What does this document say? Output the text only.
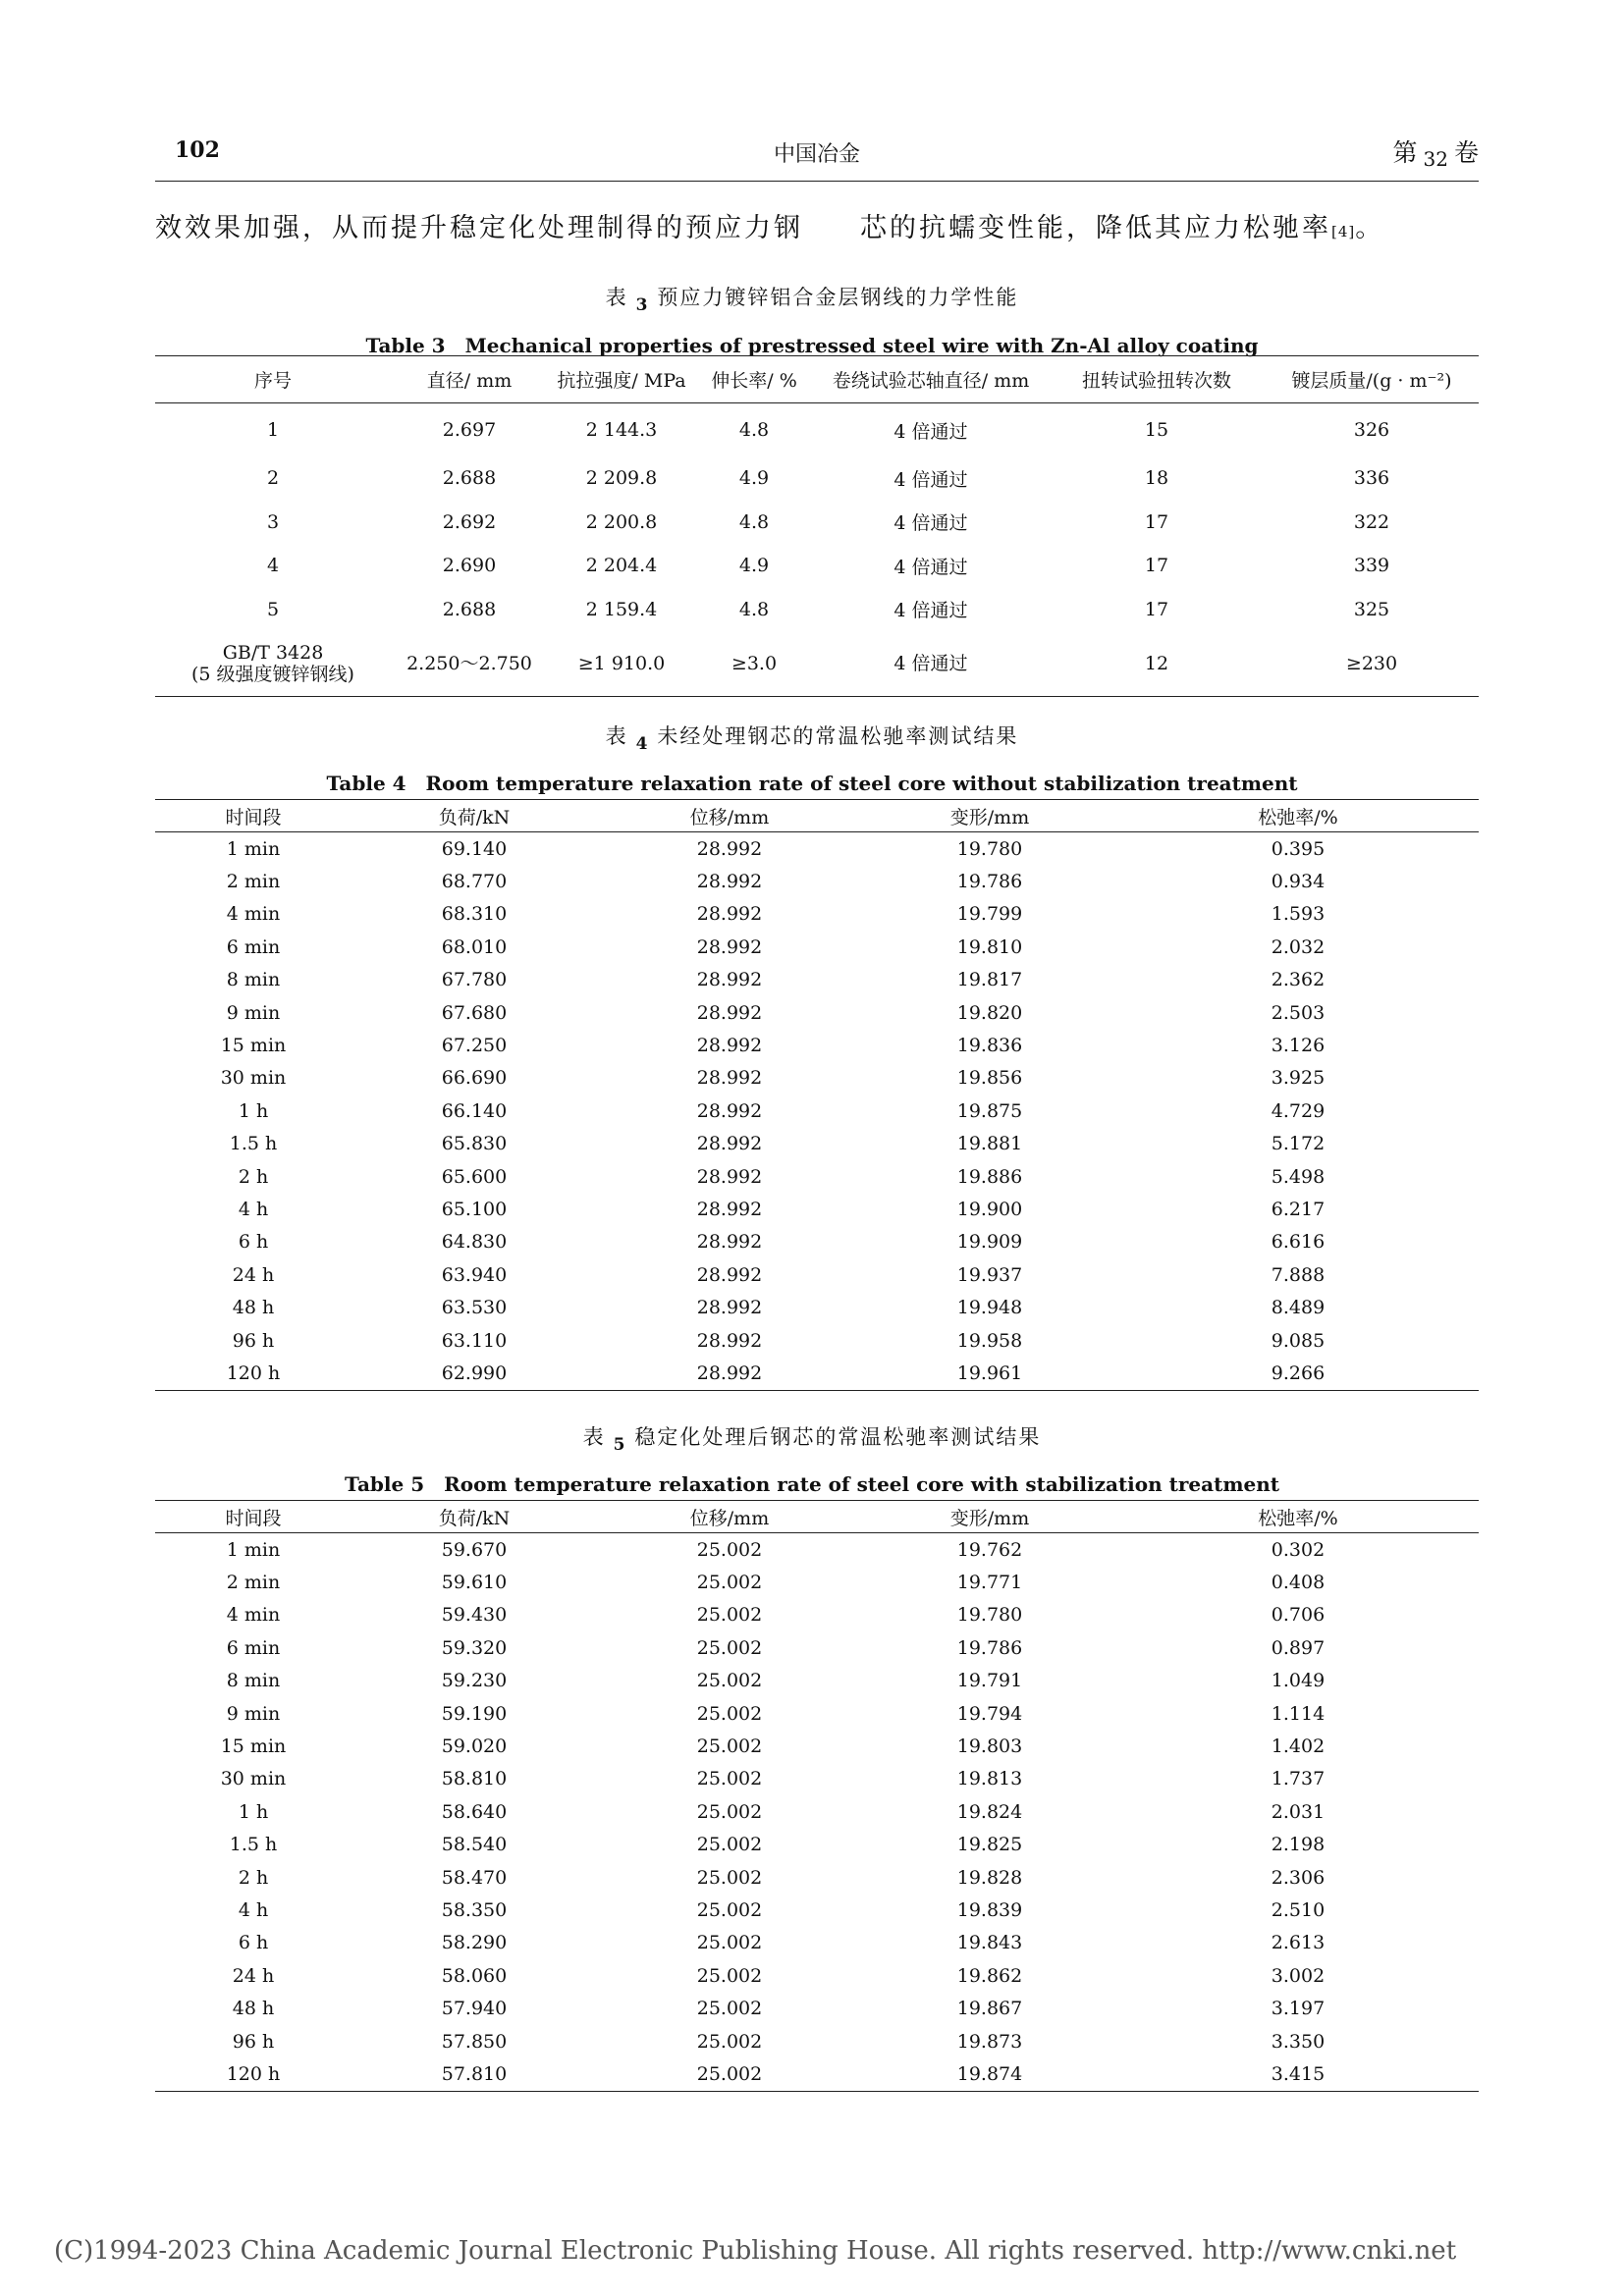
102	中国冶金	第 $_{32}$ 卷
效效果加强，从而提升稳定化处理制得的预应力钢 芯的抗蠕变性能，降低其应力松驰率[4]。
表 $_3$ 预应力镀锌铝合金层钢线的力学性能
Table 3　Mechanical properties of prestressed steel wire with Zn-Al alloy coating
序号	直径/ mm	抗拉强度/ MPa	伸长率/ %	卷绕试验芯轴直径/ mm	扭转试验扭转次数	镀层质量/(g · m⁻²)
1	2.697	2 144.3	4.8	4 倍通过	15	326
2	2.688	2 209.8	4.9	4 倍通过	18	336
3	2.692	2 200.8	4.8	4 倍通过	17	322
4	2.690	2 204.4	4.9	4 倍通过	17	339
5	2.688	2 159.4	4.8	4 倍通过	17	325

GB/T 3428
(5 级强度镀锌钢线)	2.250～2.750	≥1 910.0	≥3.0	4 倍通过	12	≥230
表 $_4$ 未经处理钢芯的常温松驰率测试结果
Table 4　Room temperature relaxation rate of steel core without stabilization treatment
时间段	负荷/kN	位移/mm	变形/mm	松弛率/%
1 min	69.140	28.992	19.780	0.395
2 min	68.770	28.992	19.786	0.934
4 min	68.310	28.992	19.799	1.593
6 min	68.010	28.992	19.810	2.032
8 min	67.780	28.992	19.817	2.362
9 min	67.680	28.992	19.820	2.503
15 min	67.250	28.992	19.836	3.126
30 min	66.690	28.992	19.856	3.925
1 h	66.140	28.992	19.875	4.729
1.5 h	65.830	28.992	19.881	5.172
2 h	65.600	28.992	19.886	5.498
4 h	65.100	28.992	19.900	6.217
6 h	64.830	28.992	19.909	6.616
24 h	63.940	28.992	19.937	7.888
48 h	63.530	28.992	19.948	8.489
96 h	63.110	28.992	19.958	9.085
120 h	62.990	28.992	19.961	9.266
表 $_5$ 稳定化处理后钢芯的常温松驰率测试结果
Table 5　Room temperature relaxation rate of steel core with stabilization treatment
时间段	负荷/kN	位移/mm	变形/mm	松弛率/%
1 min	59.670	25.002	19.762	0.302
2 min	59.610	25.002	19.771	0.408
4 min	59.430	25.002	19.780	0.706
6 min	59.320	25.002	19.786	0.897
8 min	59.230	25.002	19.791	1.049
9 min	59.190	25.002	19.794	1.114
15 min	59.020	25.002	19.803	1.402
30 min	58.810	25.002	19.813	1.737
1 h	58.640	25.002	19.824	2.031
1.5 h	58.540	25.002	19.825	2.198
2 h	58.470	25.002	19.828	2.306
4 h	58.350	25.002	19.839	2.510
6 h	58.290	25.002	19.843	2.613
24 h	58.060	25.002	19.862	3.002
48 h	57.940	25.002	19.867	3.197
96 h	57.850	25.002	19.873	3.350
120 h	57.810	25.002	19.874	3.415
(C)1994-2023 China Academic Journal Electronic Publishing House. All rights reserved. http://www.cnki.net
